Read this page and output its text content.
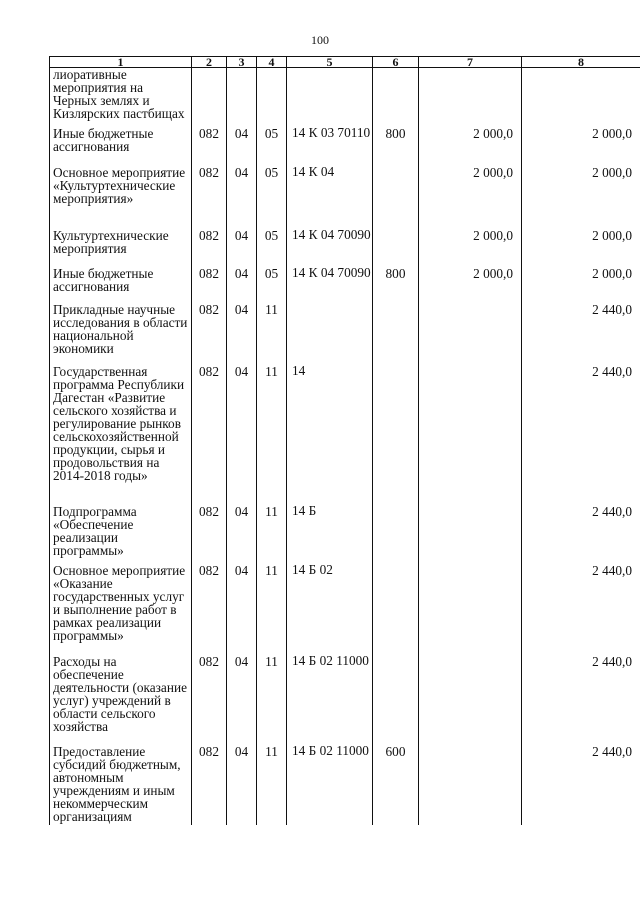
100
1	2	3	4	5	6	7	8
лиоративные мероприятия на Черных землях и Кизлярских пастбищах							
Иные бюджетные ассигнования	082	04	05	14 К 03 70110	800	2 000,0	2 000,0
Основное мероприятие «Культуртехнические мероприятия»	082	04	05	14 К 04		2 000,0	2 000,0
Культуртехнические мероприятия	082	04	05	14 К 04 70090		2 000,0	2 000,0
Иные бюджетные ассигнования	082	04	05	14 К 04 70090	800	2 000,0	2 000,0
Прикладные научные исследования в области национальной экономики	082	04	11				2 440,0
Государственная программа Республики Дагестан «Развитие сельского хозяйства и регулирование рынков сельскохозяйственной продукции, сырья и продовольствия на 2014-2018 годы»	082	04	11	14			2 440,0
Подпрограмма «Обеспечение реализации программы»	082	04	11	14 Б			2 440,0
Основное мероприятие «Оказание государственных услуг и выполнение работ в рамках реализации программы»	082	04	11	14 Б 02			2 440,0
Расходы на обеспечение деятельности (оказание услуг) учреждений в области сельского хозяйства	082	04	11	14 Б 02 11000			2 440,0
Предоставление субсидий бюджетным, автономным учреждениям и иным некоммерческим организациям	082	04	11	14 Б 02 11000	600		2 440,0
